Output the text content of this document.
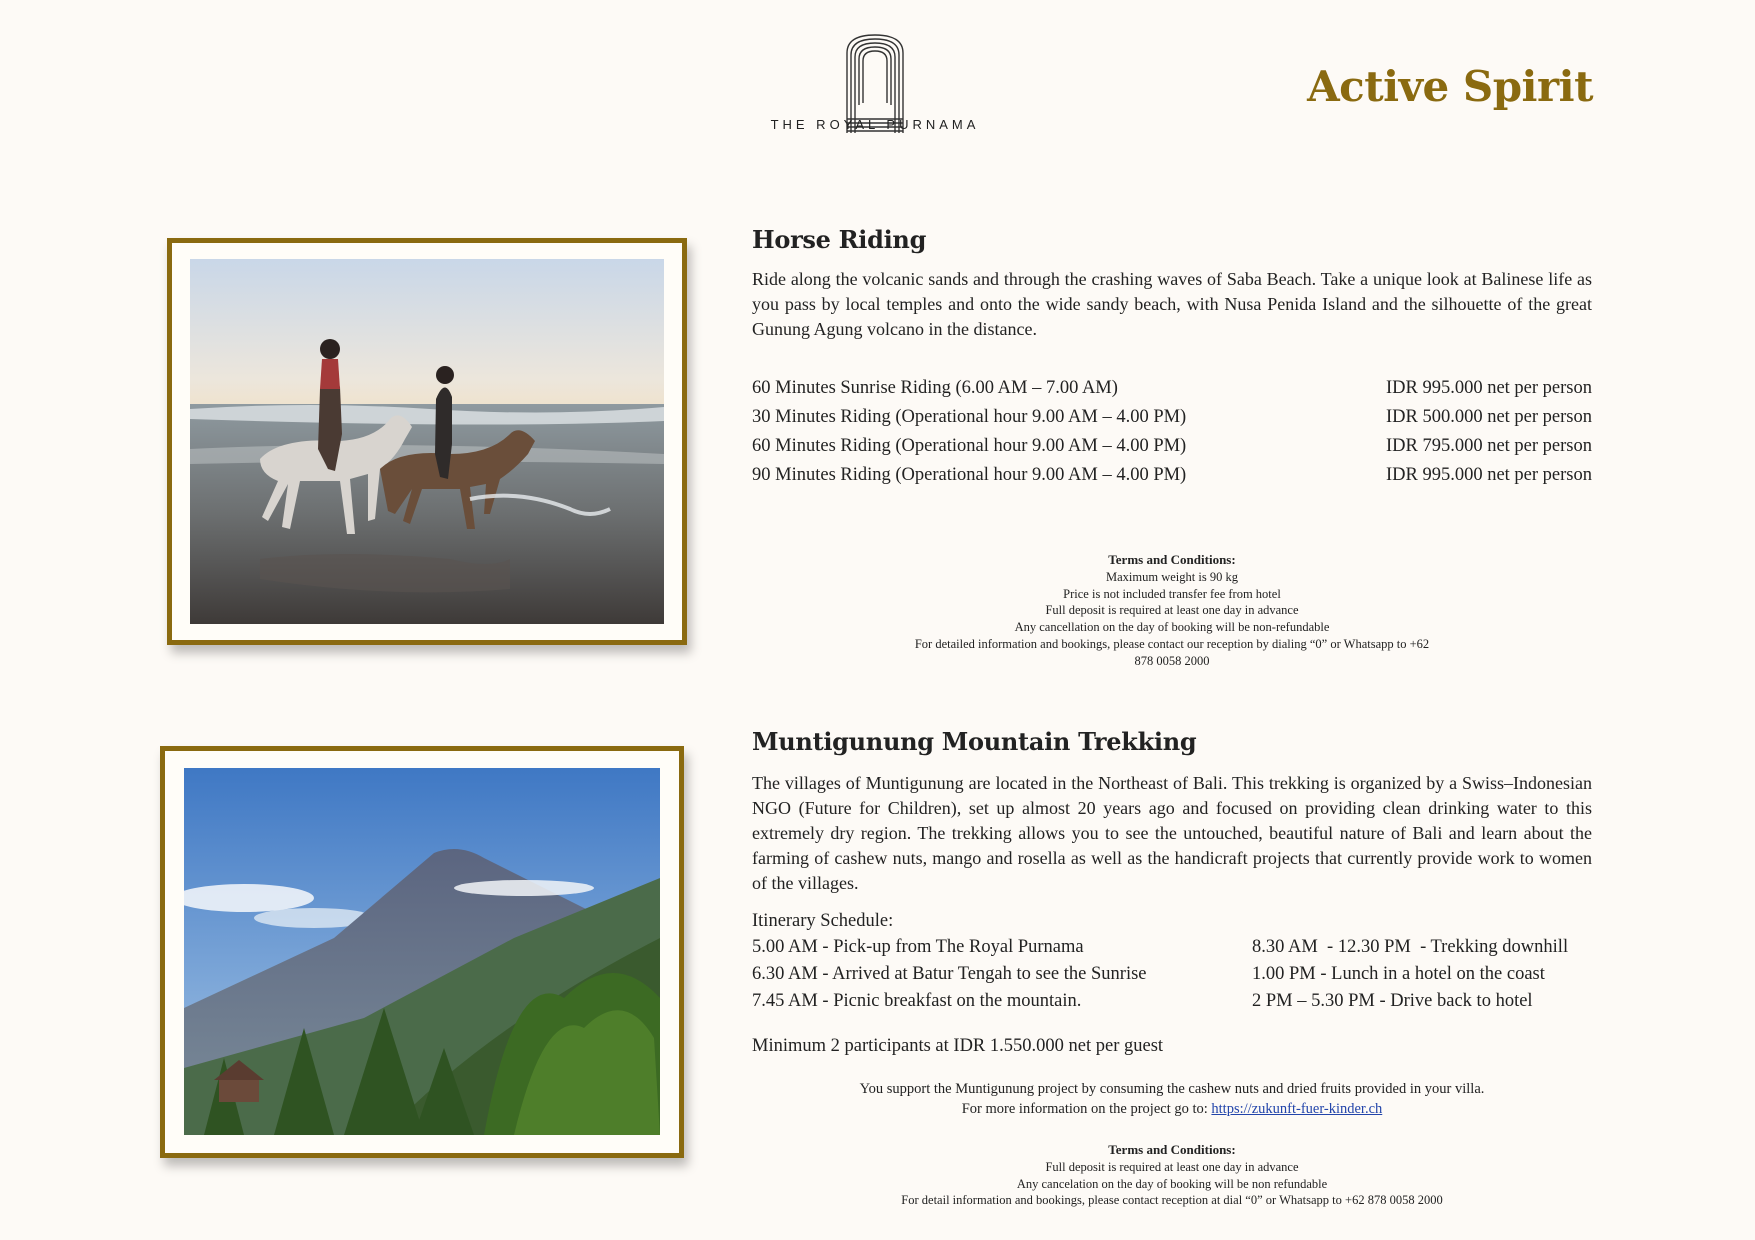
THE ROYAL PURNAMA
Active Spirit
Horse Riding

Ride along the volcanic sands and through the crashing waves of Saba Beach. Take a unique look at Balinese life as you pass by local temples and onto the wide sandy beach, with Nusa Penida Island and the silhouette of the great Gunung Agung volcano in the distance.

60 Minutes Sunrise Riding (6.00 AM – 7.00 AM)	IDR 995.000 net per person
30 Minutes Riding (Operational hour 9.00 AM – 4.00 PM)	IDR 500.000 net per person
60 Minutes Riding (Operational hour 9.00 AM – 4.00 PM)	IDR 795.000 net per person
90 Minutes Riding (Operational hour 9.00 AM – 4.00 PM)	IDR 995.000 net per person
Terms and Conditions:
Maximum weight is 90 kg
Price is not included transfer fee from hotel
Full deposit is required at least one day in advance
Any cancellation on the day of booking will be non-refundable
For detailed information and bookings, please contact our reception by dialing “0” or Whatsapp to +62
878 0058 2000
Muntigunung Mountain Trekking

The villages of Muntigunung are located in the Northeast of Bali. This trekking is organized by a Swiss–Indonesian NGO (Future for Children), set up almost 20 years ago and focused on providing clean drinking water to this extremely dry region. The trekking allows you to see the untouched, beautiful nature of Bali and learn about the farming of cashew nuts, mango and rosella as well as the handicraft projects that currently provide work to women of the villages.

Itinerary Schedule:

5.00 AM - Pick-up from The Royal Purnama
6.30 AM - Arrived at Batur Tengah to see the Sunrise
7.45 AM - Picnic breakfast on the mountain.
8.30 AM  - 12.30 PM  - Trekking downhill
1.00 PM - Lunch in a hotel on the coast
2 PM – 5.30 PM - Drive back to hotel
Minimum 2 participants at IDR 1.550.000 net per guest
You support the Muntigunung project by consuming the cashew nuts and dried fruits provided in your villa.
For more information on the project go to: https://zukunft-fuer-kinder.ch
Terms and Conditions:
Full deposit is required at least one day in advance
Any cancelation on the day of booking will be non refundable
For detail information and bookings, please contact reception at dial “0” or Whatsapp to +62 878 0058 2000
